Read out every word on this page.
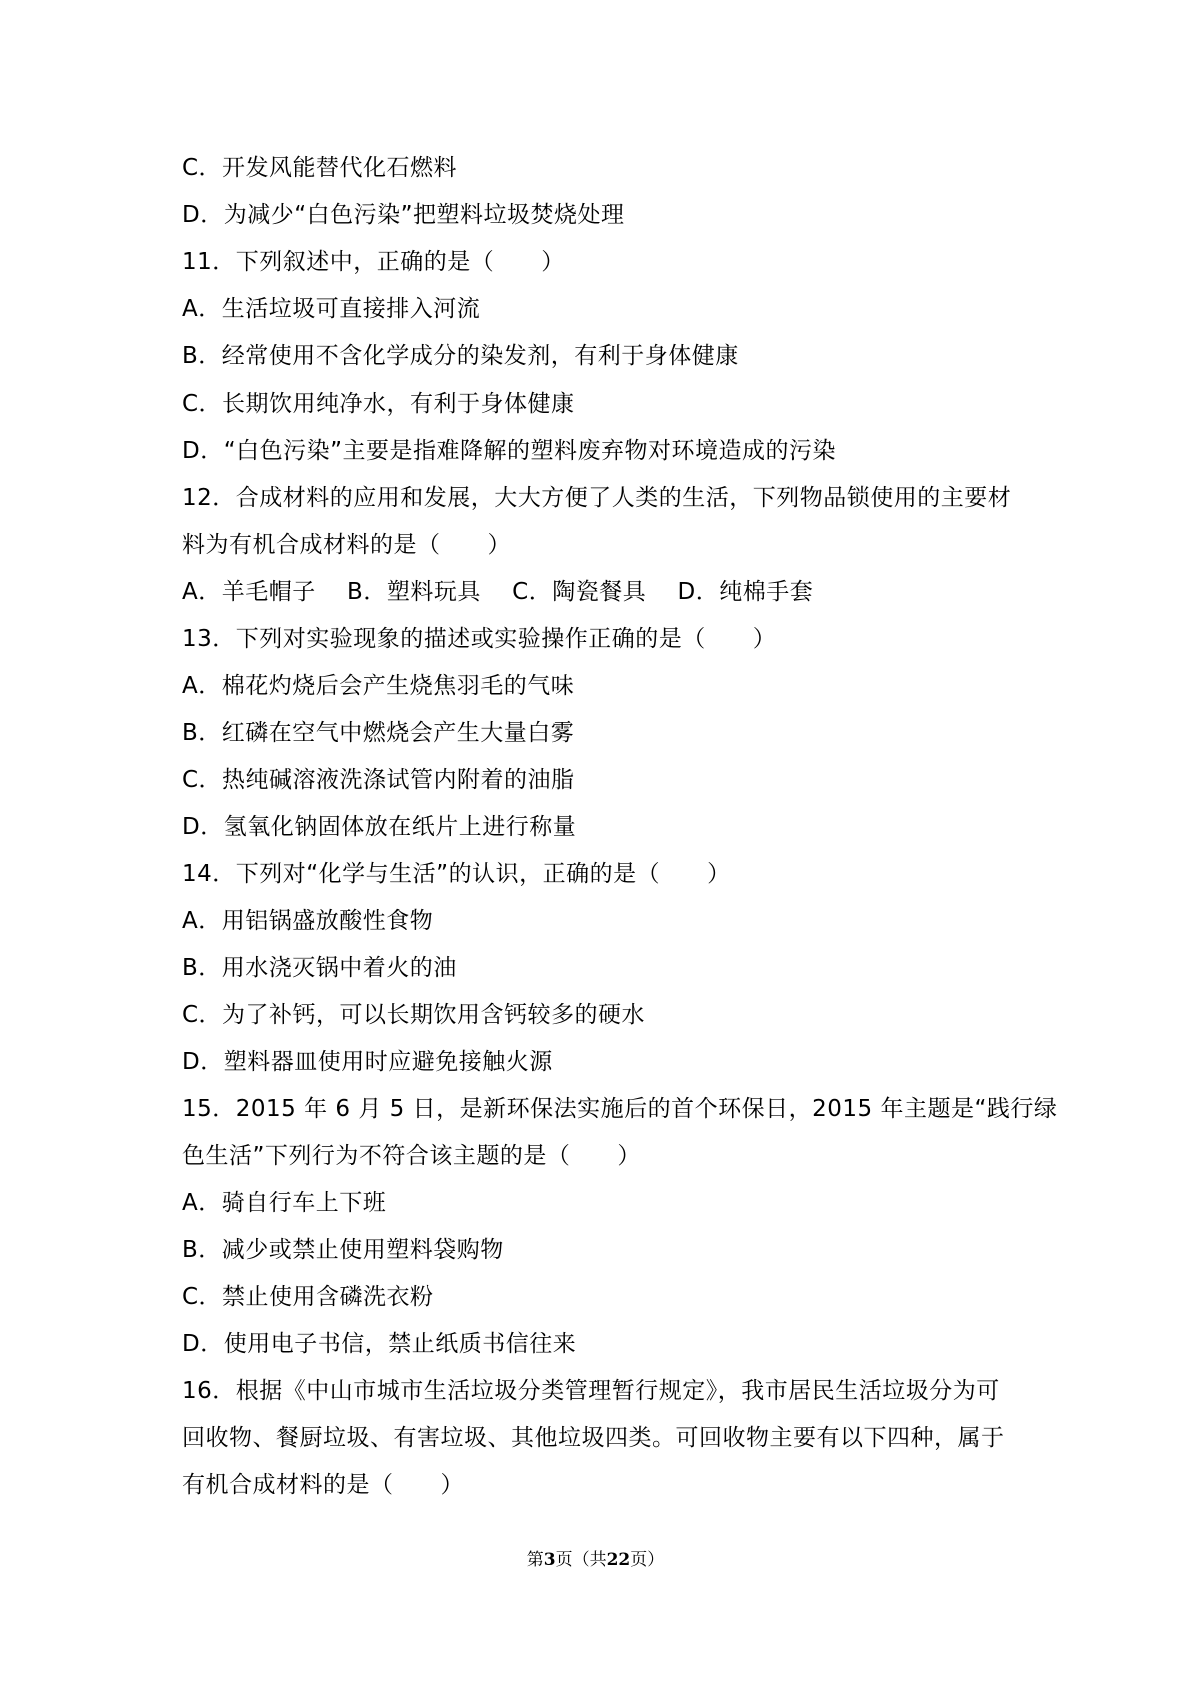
C．开发风能替代化石燃料
D．为减少“白色污染”把塑料垃圾焚烧处理
11．下列叙述中，正确的是（　　）
A．生活垃圾可直接排入河流
B．经常使用不含化学成分的染发剂，有利于身体健康
C．长期饮用纯净水，有利于身体健康
D．“白色污染”主要是指难降解的塑料废弃物对环境造成的污染
12．合成材料的应用和发展，大大方便了人类的生活，下列物品锁使用的主要材
料为有机合成材料的是（　　）
A．羊毛帽子　 B．塑料玩具　 C．陶瓷餐具　 D．纯棉手套
13．下列对实验现象的描述或实验操作正确的是（　　）
A．棉花灼烧后会产生烧焦羽毛的气味
B．红磷在空气中燃烧会产生大量白雾
C．热纯碱溶液洗涤试管内附着的油脂
D．氢氧化钠固体放在纸片上进行称量
14．下列对“化学与生活”的认识，正确的是（　　）
A．用铝锅盛放酸性食物
B．用水浇灭锅中着火的油
C．为了补钙，可以长期饮用含钙较多的硬水
D．塑料器皿使用时应避免接触火源
15．2015 年 6 月 5 日，是新环保法实施后的首个环保日，2015 年主题是“践行绿
色生活”下列行为不符合该主题的是（　　）
A．骑自行车上下班
B．减少或禁止使用塑料袋购物
C．禁止使用含磷洗衣粉
D．使用电子书信，禁止纸质书信往来
16．根据《中山市城市生活垃圾分类管理暂行规定》，我市居民生活垃圾分为可
回收物、餐厨垃圾、有害垃圾、其他垃圾四类。可回收物主要有以下四种，属于
有机合成材料的是（　　）
第3页（共22页）
